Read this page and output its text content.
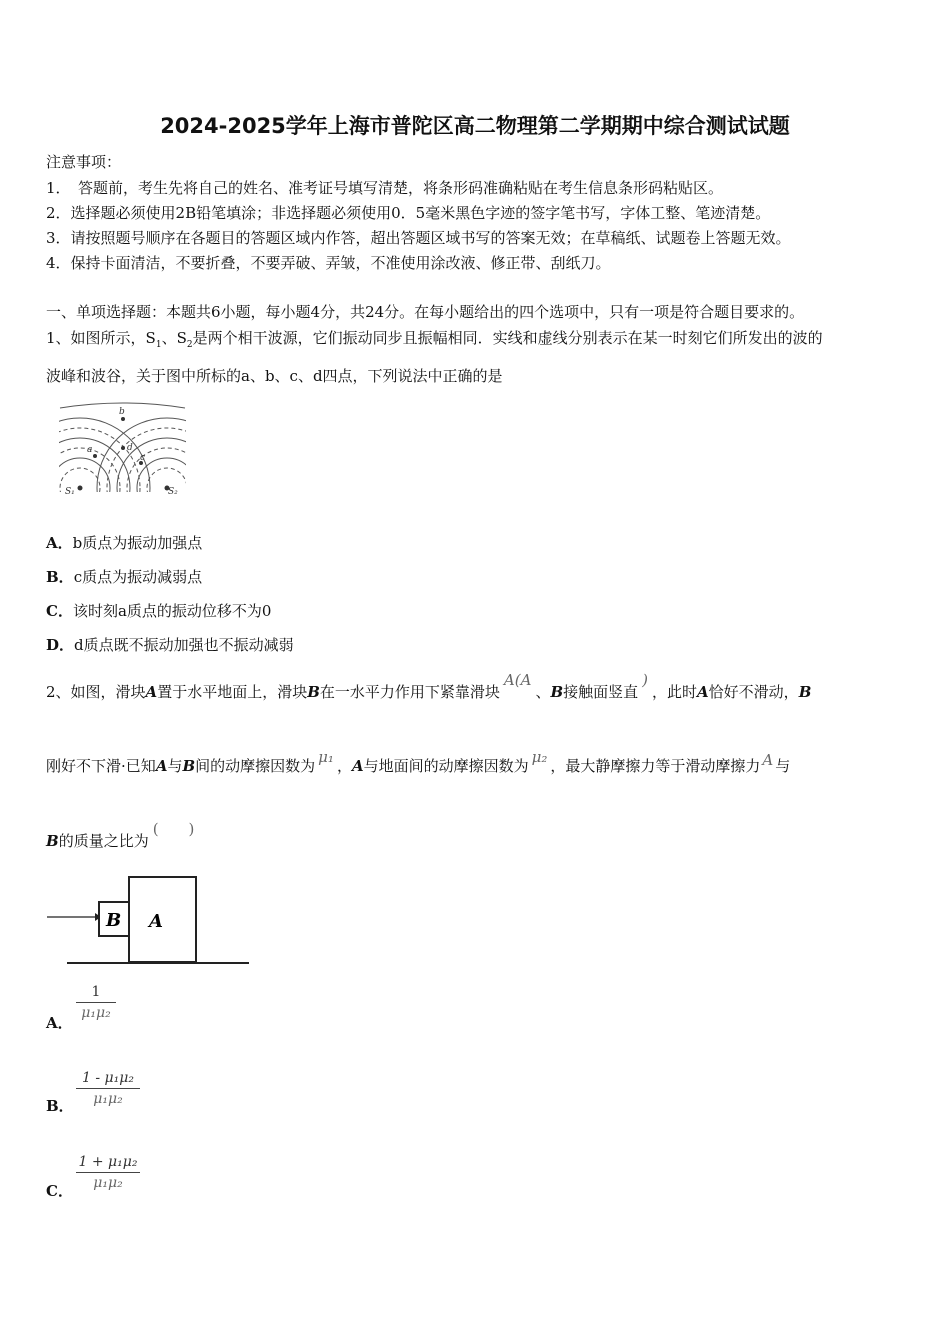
2024-2025学年上海市普陀区高二物理第二学期期中综合测试试题
注意事项：
1．　答题前，考生先将自己的姓名、准考证号填写清楚，将条形码准确粘贴在考生信息条形码粘贴区。
2．选择题必须使用2B铅笔填涂；非选择题必须使用0．5毫米黑色字迹的签字笔书写，字体工整、笔迹清楚。
3．请按照题号顺序在各题目的答题区域内作答，超出答题区域书写的答案无效；在草稿纸、试题卷上答题无效。
4．保持卡面清洁，不要折叠，不要弄破、弄皱，不准使用涂改液、修正带、刮纸刀。
一、单项选择题：本题共6小题，每小题4分，共24分。在每小题给出的四个选项中，只有一项是符合题目要求的。
1、如图所示，$S_1$、$S_2$是两个相干波源，它们振动同步且振幅相同．实线和虚线分别表示在某一时刻它们所发出的波的
波峰和波谷，关于图中所标的a、b、c、d四点，下列说法中正确的是
b
a	d
c
S₁	S₂
A．b质点为振动加强点
B．c质点为振动减弱点
C．该时刻a质点的振动位移不为0
D．d质点既不振动加强也不振动减弱
2、如图，滑块A置于水平地面上，滑块B在一水平力作用下紧靠滑块A(A、B接触面竖直)，此时A恰好不滑动，B
刚好不下滑·已知A与B间的动摩擦因数为 μ₁ ，A与地面间的动摩擦因数为 μ₂ ，最大静摩擦力等于滑动摩擦力 A 与
B的质量之比为(　　)
B A
A．
1
μ₁μ₂
B．
1 - μ₁μ₂
μ₁μ₂
C．
1 + μ₁μ₂
μ₁μ₂
